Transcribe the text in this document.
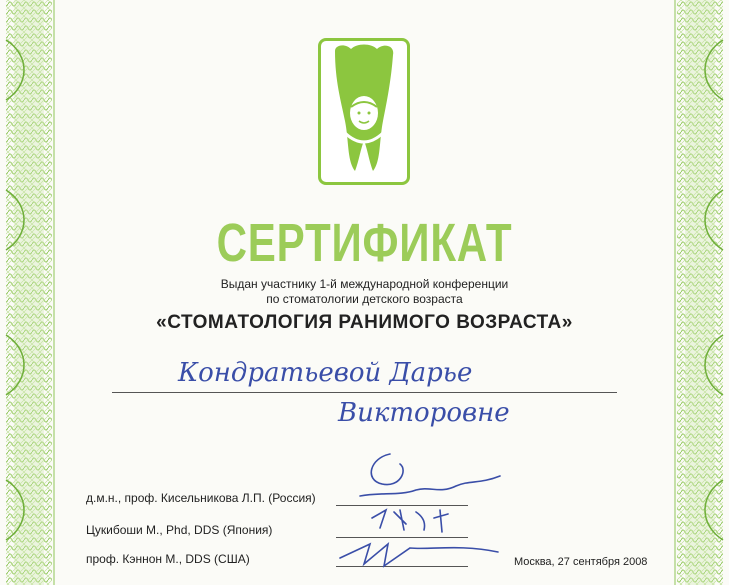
СЕРТИФИКАТ
Выдан участнику 1-й международной конференции
по стоматологии детского возраста
«СТОМАТОЛОГИЯ РАНИМОГО ВОЗРАСТА»
Кондратьевой Дарье
Викторовне
д.м.н., проф. Кисельникова Л.П. (Россия)
Цукибоши М., Phd, DDS (Япония)
проф. Кэннон М., DDS (США)	Москва, 27 сентября 2008
